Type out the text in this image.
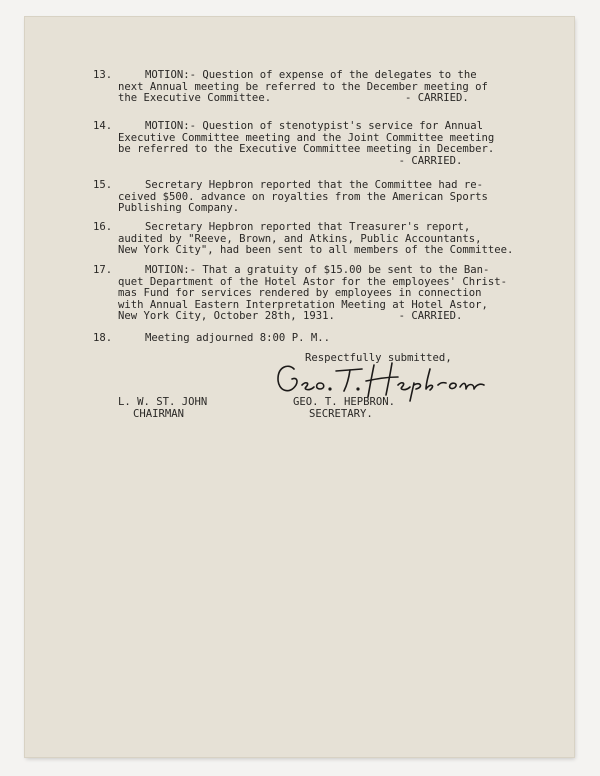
13.	MOTION:- Question of expense of the delegates to the
next Annual meeting be referred to the December meeting of
the Executive Committee.                     - CARRIED.
14.	MOTION:- Question of stenotypist's service for Annual
Executive Committee meeting and the Joint Committee meeting
be referred to the Executive Committee meeting in December.
- CARRIED.
15.	Secretary Hepbron reported that the Committee had re-
ceived $500. advance on royalties from the American Sports
Publishing Company.
16.	Secretary Hepbron reported that Treasurer's report,
audited by "Reeve, Brown, and Atkins, Public Accountants,
New York City", had been sent to all members of the Committee.
17.	MOTION:- That a gratuity of $15.00 be sent to the Ban-
quet Department of the Hotel Astor for the employees' Christ-
mas Fund for services rendered by employees in connection
with Annual Eastern Interpretation Meeting at Hotel Astor,
New York City, October 28th, 1931.          - CARRIED.
18.	Meeting adjourned 8:00 P. M..
Respectfully submitted,
L. W. ST. JOHN
CHAIRMAN
GEO. T. HEPBRON.
SECRETARY.
